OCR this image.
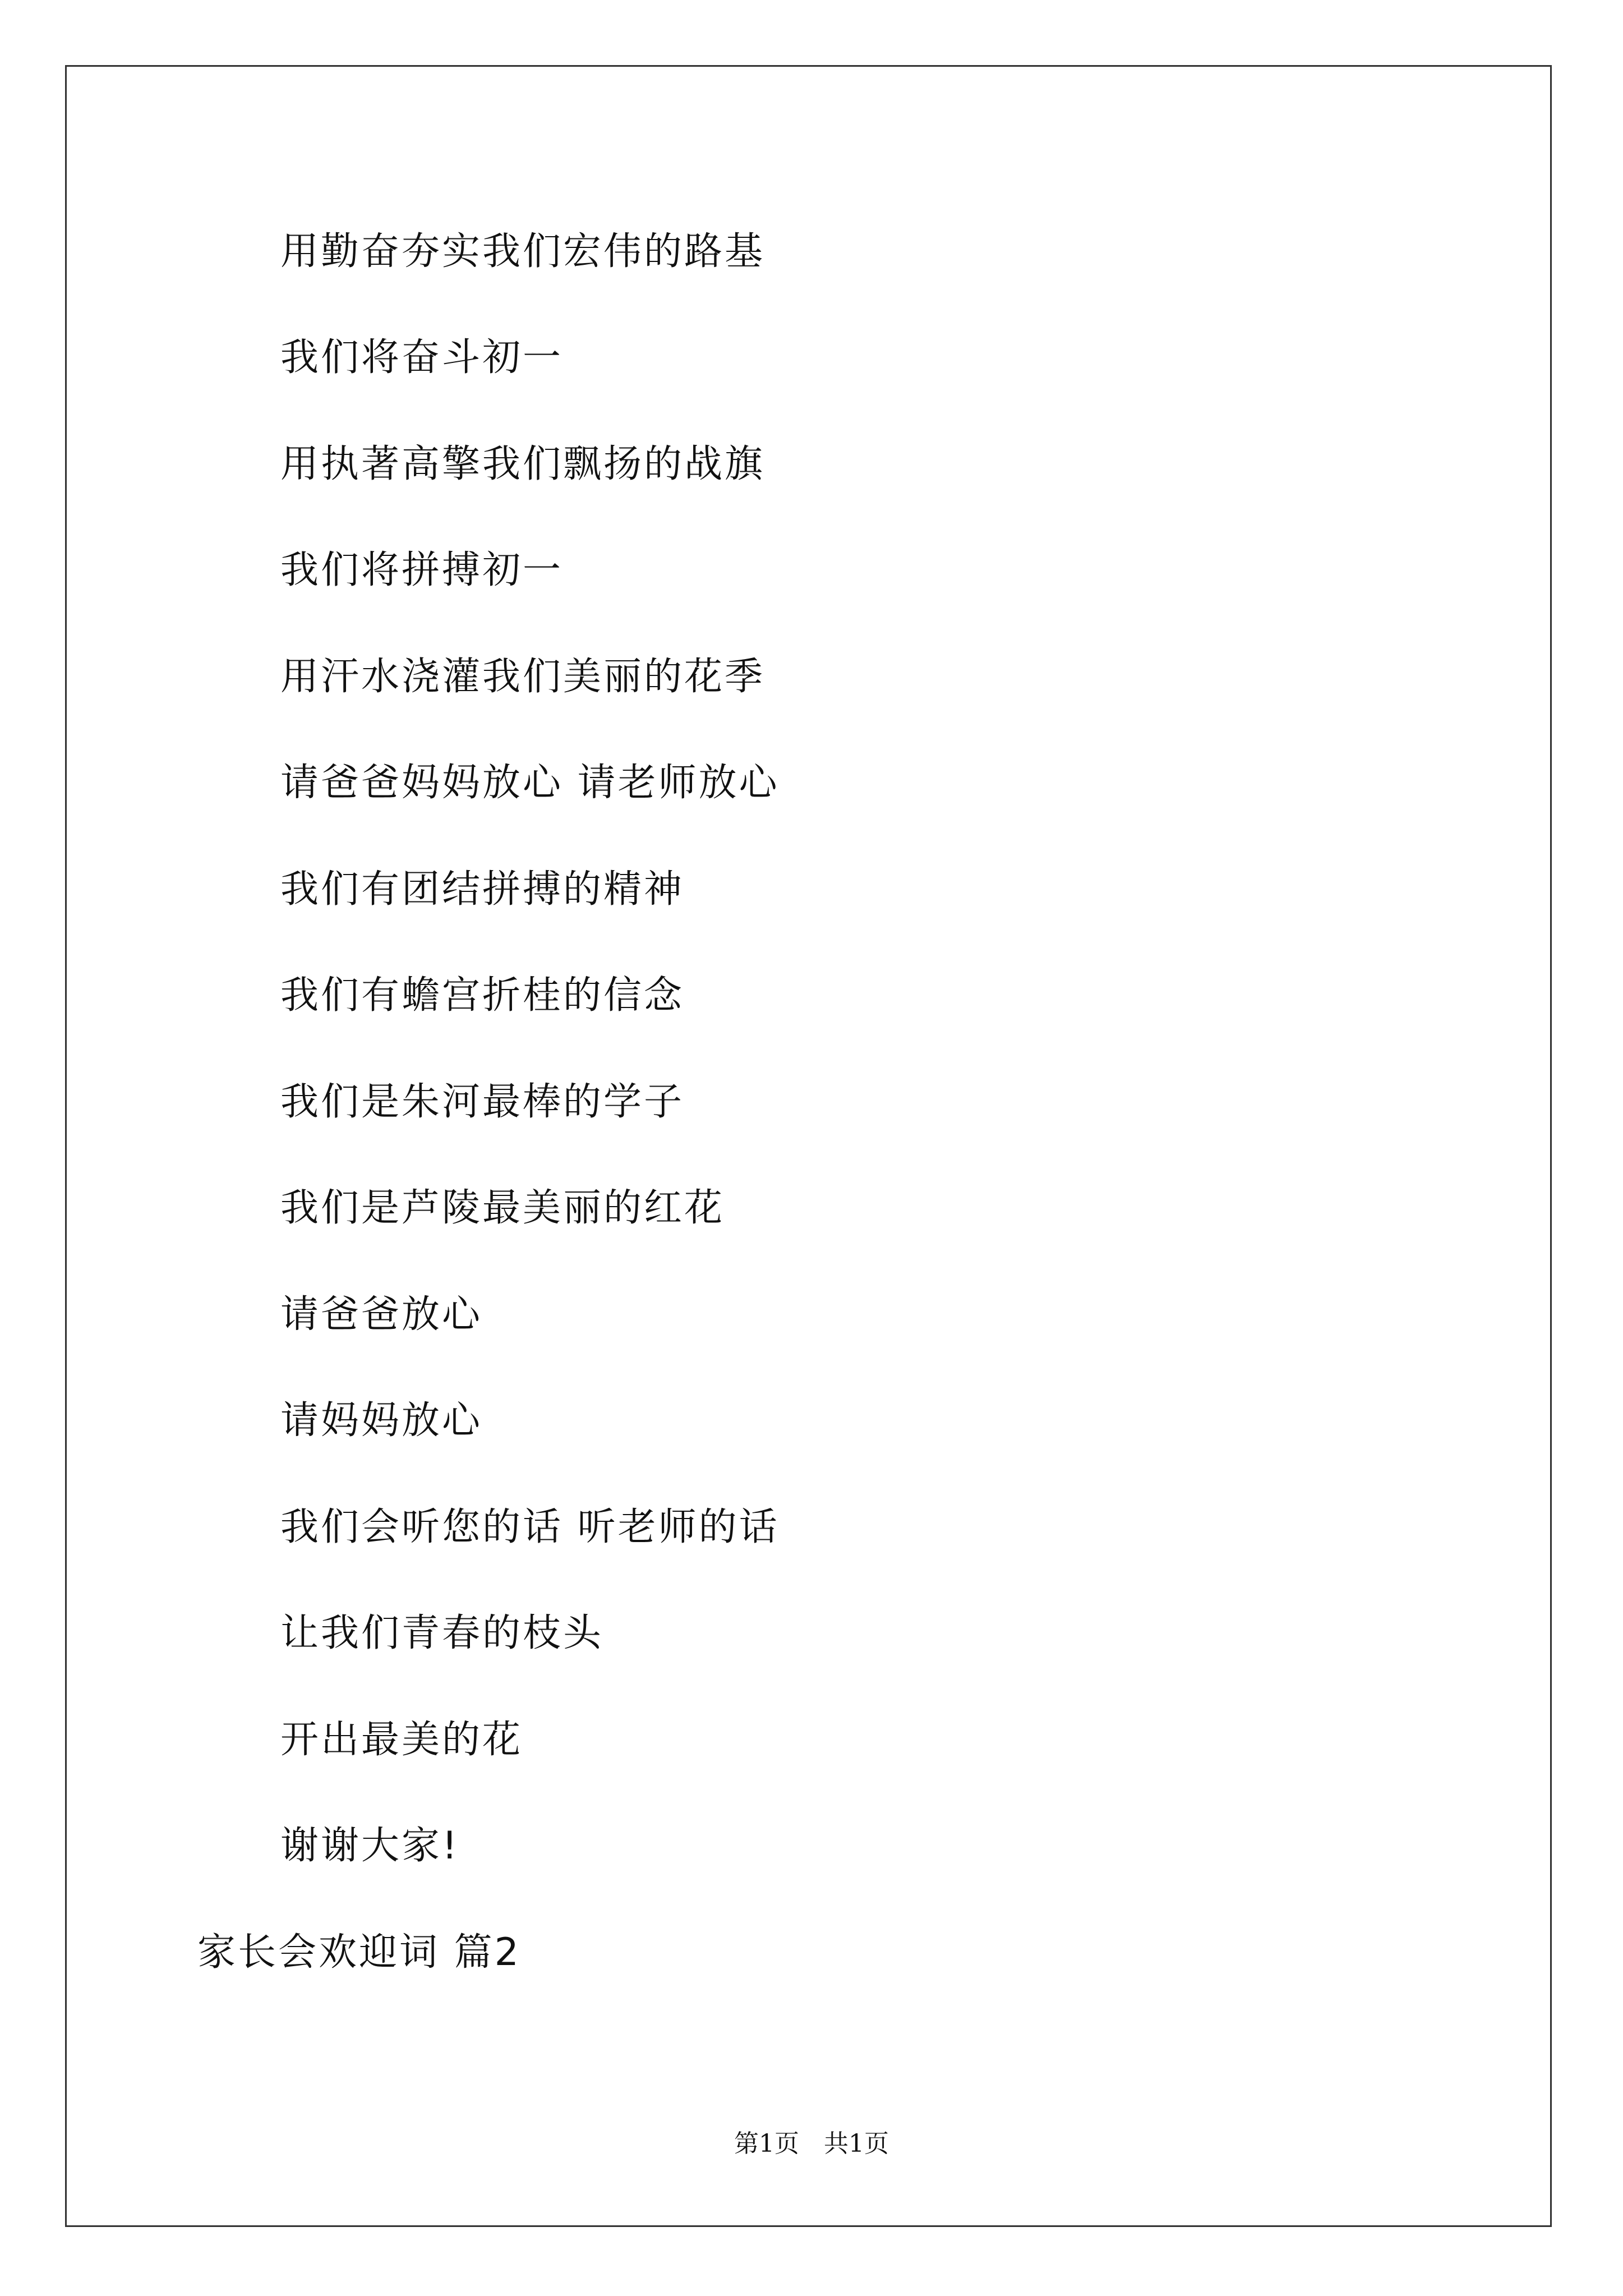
用勤奋夯实我们宏伟的路基
我们将奋斗初一
用执著高擎我们飘扬的战旗
我们将拼搏初一
用汗水浇灌我们美丽的花季
请爸爸妈妈放心 请老师放心
我们有团结拼搏的精神
我们有蟾宫折桂的信念
我们是朱河最棒的学子
我们是芦陵最美丽的红花
请爸爸放心
请妈妈放心
我们会听您的话 听老师的话
让我们青春的枝头
开出最美的花
谢谢大家!
家长会欢迎词 篇2
第1页　共1页
